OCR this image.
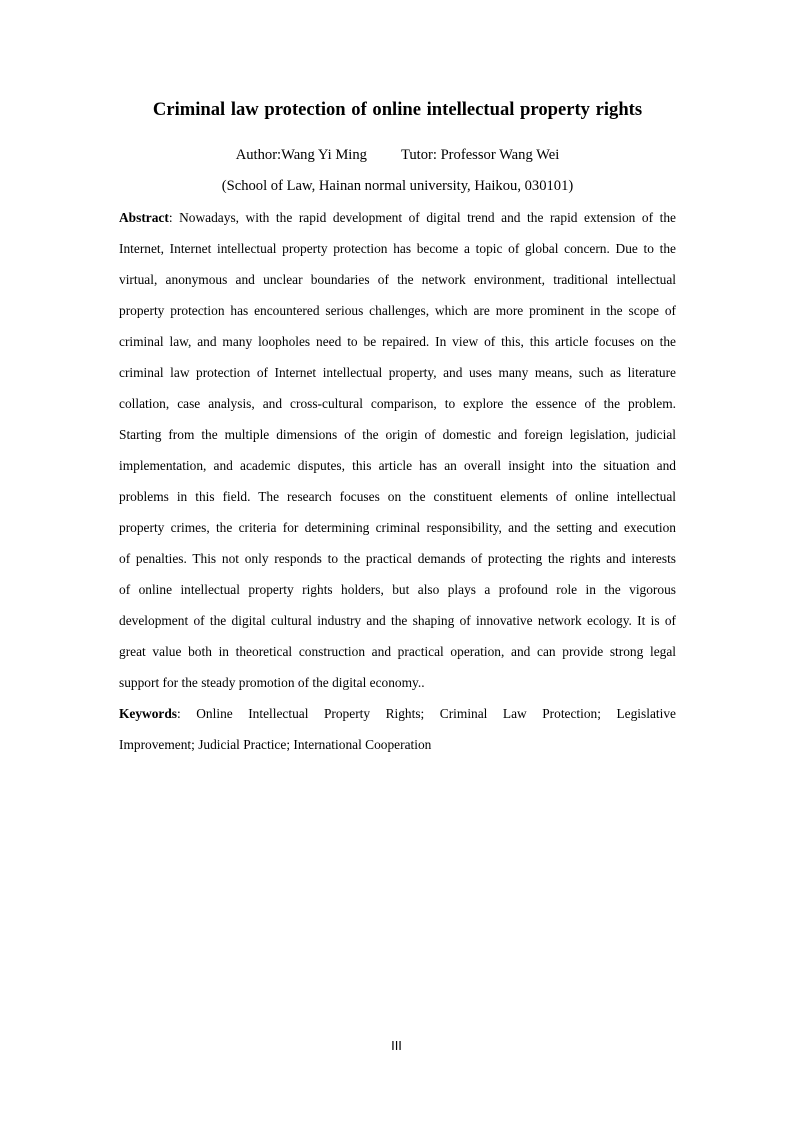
Criminal law protection of online intellectual property rights
Author:Wang Yi Ming Tutor: Professor Wang Wei
(School of Law, Hainan normal university, Haikou, 030101)
Abstract: Nowadays, with the rapid development of digital trend and the rapid extension of the
Internet, Internet intellectual property protection has become a topic of global concern. Due to the
virtual, anonymous and unclear boundaries of the network environment, traditional intellectual
property protection has encountered serious challenges, which are more prominent in the scope of
criminal law, and many loopholes need to be repaired. In view of this, this article focuses on the
criminal law protection of Internet intellectual property, and uses many means, such as literature
collation, case analysis, and cross-cultural comparison, to explore the essence of the problem.
Starting from the multiple dimensions of the origin of domestic and foreign legislation, judicial
implementation, and academic disputes, this article has an overall insight into the situation and
problems in this field. The research focuses on the constituent elements of online intellectual
property crimes, the criteria for determining criminal responsibility, and the setting and execution
of penalties. This not only responds to the practical demands of protecting the rights and interests
of online intellectual property rights holders, but also plays a profound role in the vigorous
development of the digital cultural industry and the shaping of innovative network ecology. It is of
great value both in theoretical construction and practical operation, and can provide strong legal
support for the steady promotion of the digital economy..
Keywords: Online Intellectual Property Rights; Criminal Law Protection; Legislative
Improvement; Judicial Practice; International Cooperation
III
